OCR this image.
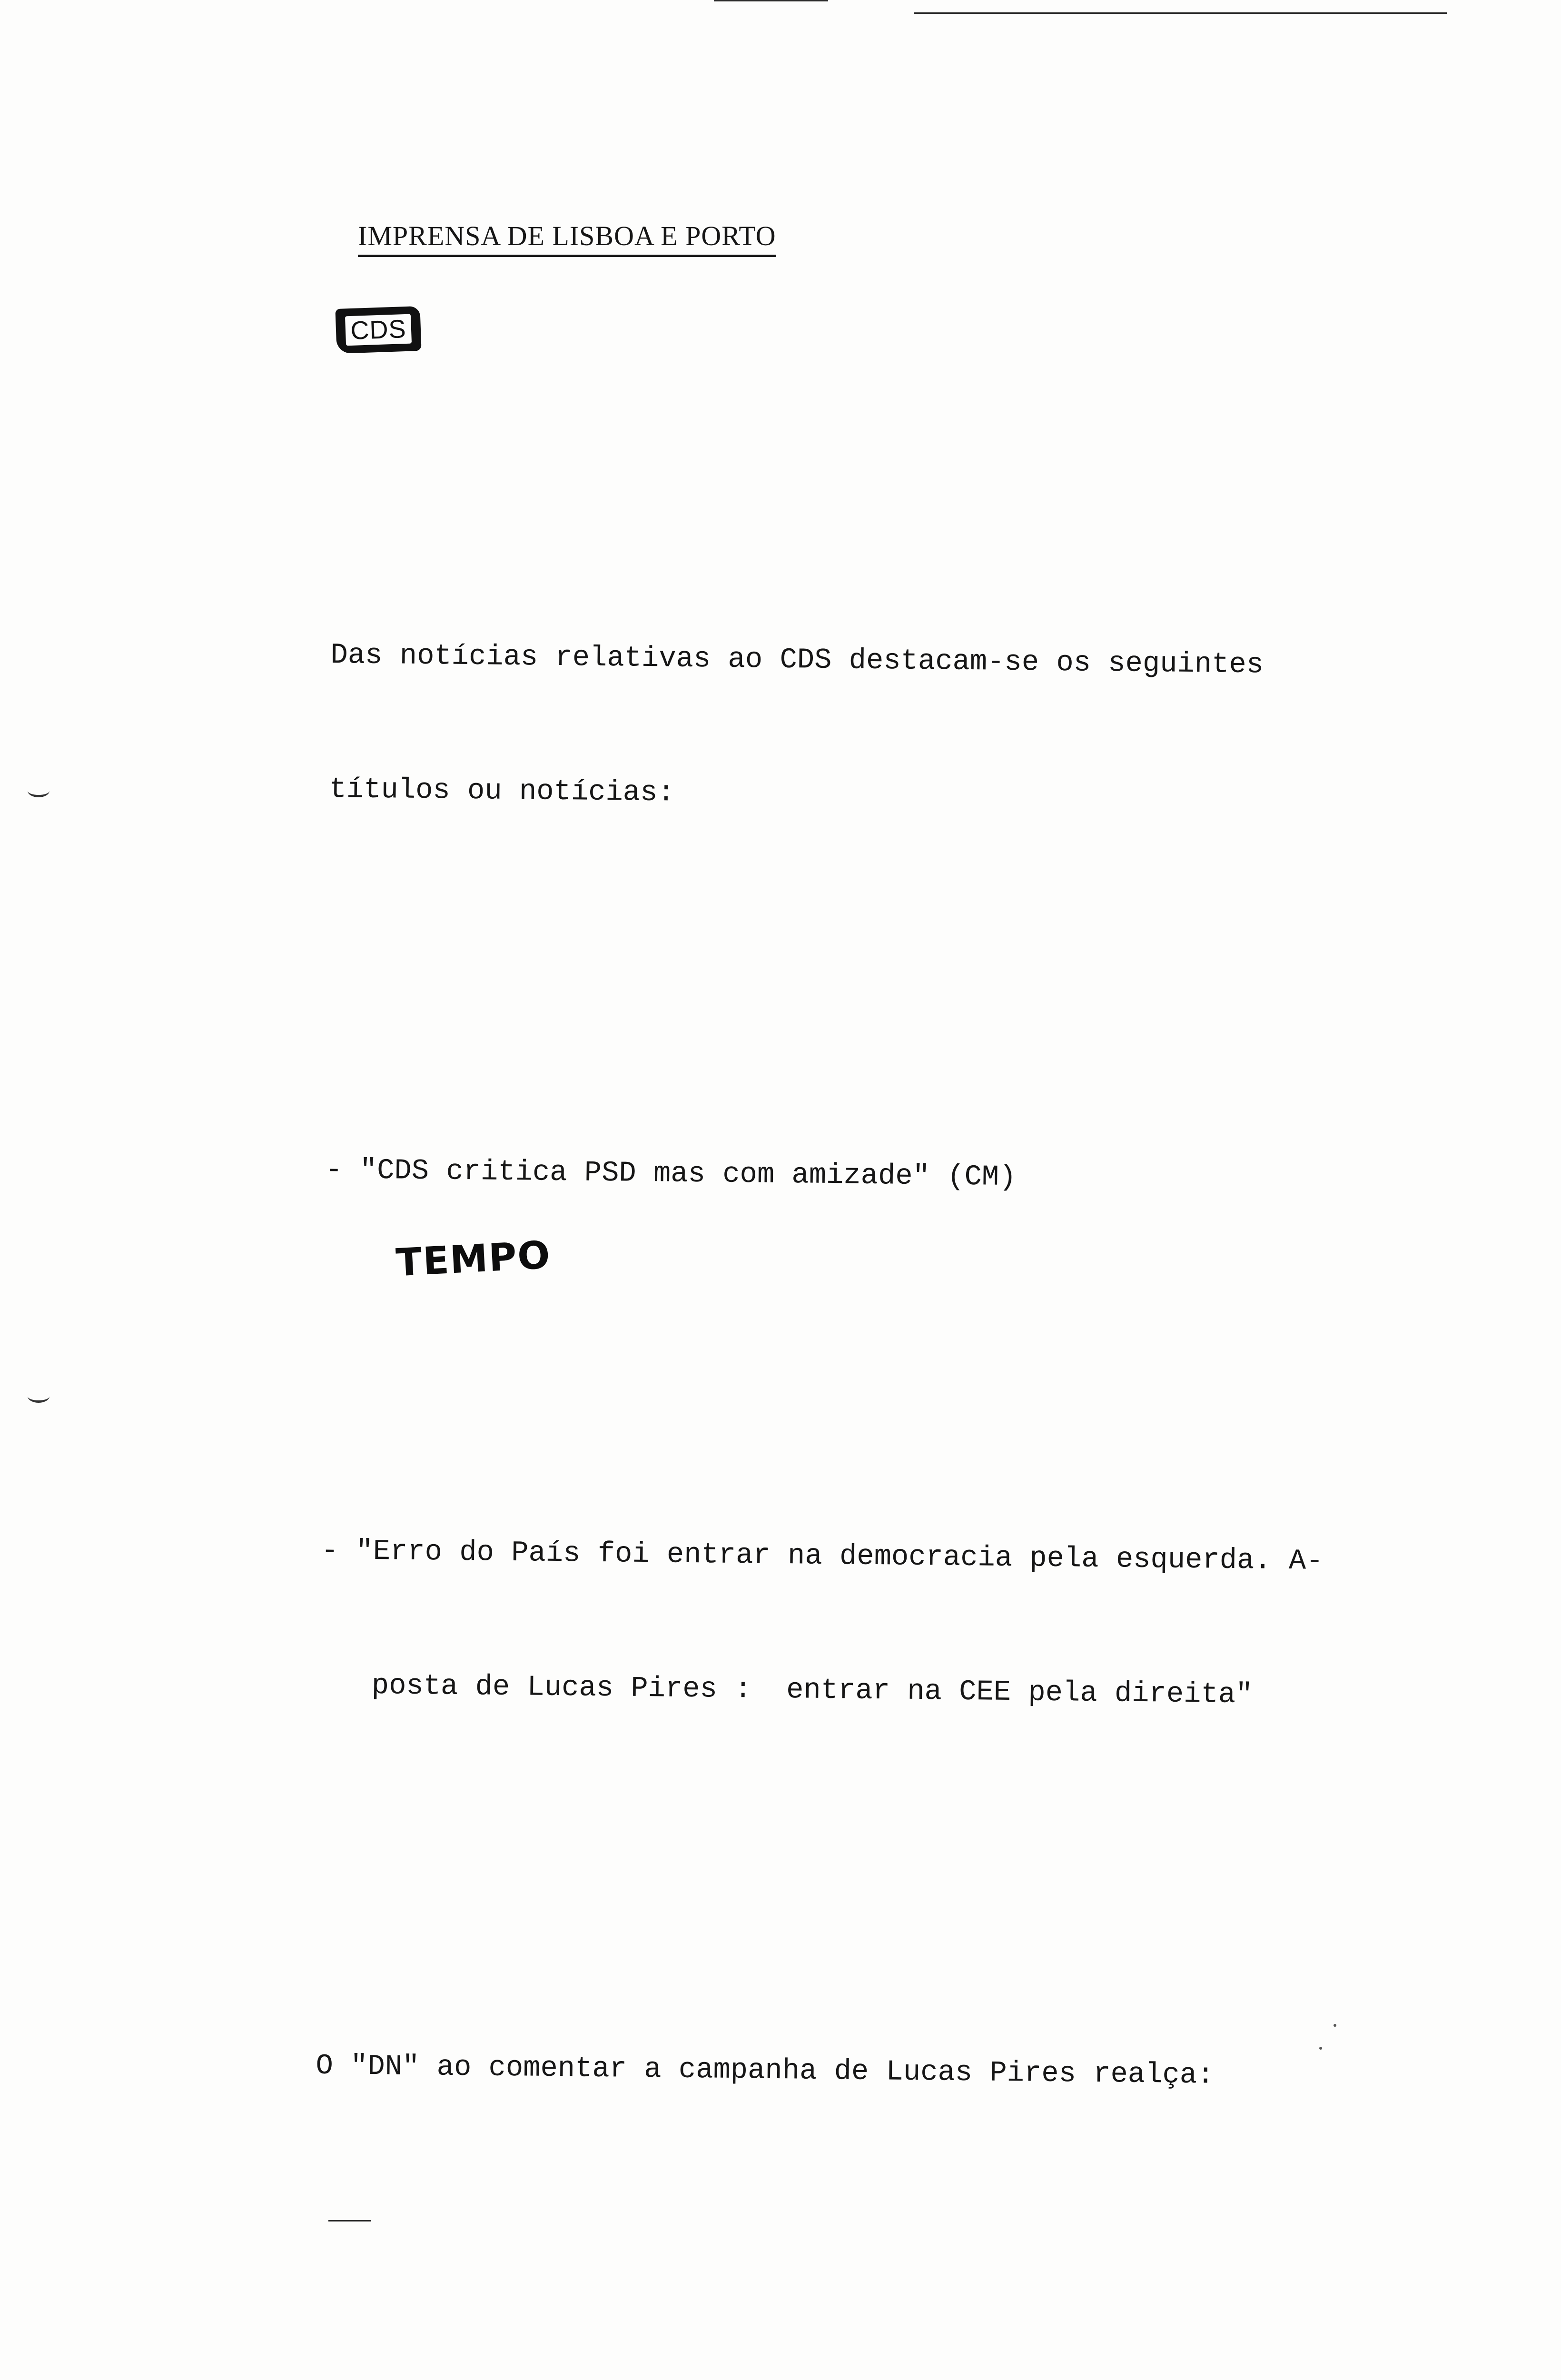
IMPRENSA DE LISBOA E PORTO
CDS
TEMPO

Das notícias relativas ao CDS destacam-se os seguintes

títulos ou notícias:

- "CDS critica PSD mas com amizade" (CM)

- "Erro do País foi entrar na democracia pela esquerda. A-

posta de Lucas Pires :  entrar na CEE pela direita"

O "DN" ao comentar a campanha de Lucas Pires realça:
